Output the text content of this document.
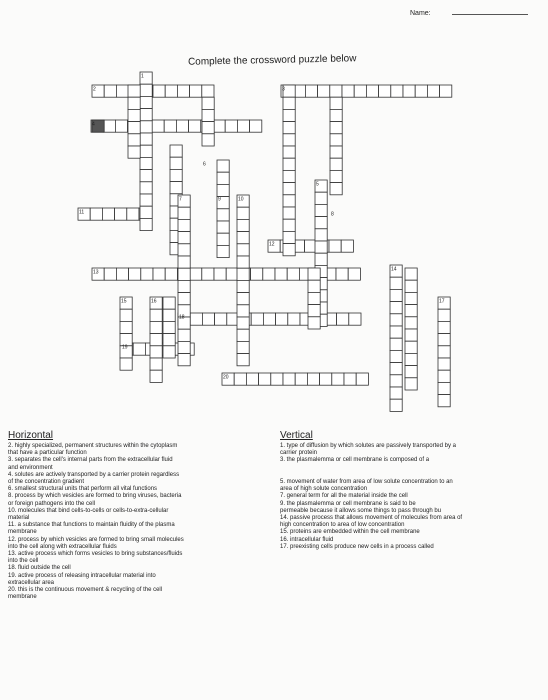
Name:
Complete the crossword puzzle below
1
2	3
4
5
6
7
8
9	10
11
12
13	14
15	16	17
18
19
20
Horizontal

2. highly specialized, permanent structures within the cytoplasm

that have a particular function

3. separates the cell's internal parts from the extracellular fluid

and environment

4. solutes are actively transported by a carrier protein regardless

of the concentration gradient

6. smallest structural units that perform all vital functions

8. process by which vesicles are formed to bring viruses, bacteria

or foreign pathogens into the cell

10. molecules that bind cells-to-cells or cells-to-extra-cellular

material

11. a substance that functions to maintain fluidity of the plasma

membrane

12. process by which vesicles are formed to bring small molecules

into the cell along with extracellular fluids

13. active process which forms vesicles to bring substances/fluids

into the cell

18. fluid outside the cell

19. active process of releasing intracellular material into

extracellular area

20. this is the continuous movement & recycling of the cell

membrane

Vertical

1. type of diffusion by which solutes are passively transported by a

carrier protein

3. the plasmalemma or cell membrane is composed of a

5. movement of water from area of low solute concentration to an

area of high solute concentration

7. general term for all the material inside the cell

9. the plasmalemma or cell membrane is said to be

permeable because it allows some things to pass through bu

14. passive process that allows movement of molecules from area of

high concentration to area of low concentration

15. proteins are embedded within the cell membrane

16. intracellular fluid

17. preexisting cells produce new cells in a process called
